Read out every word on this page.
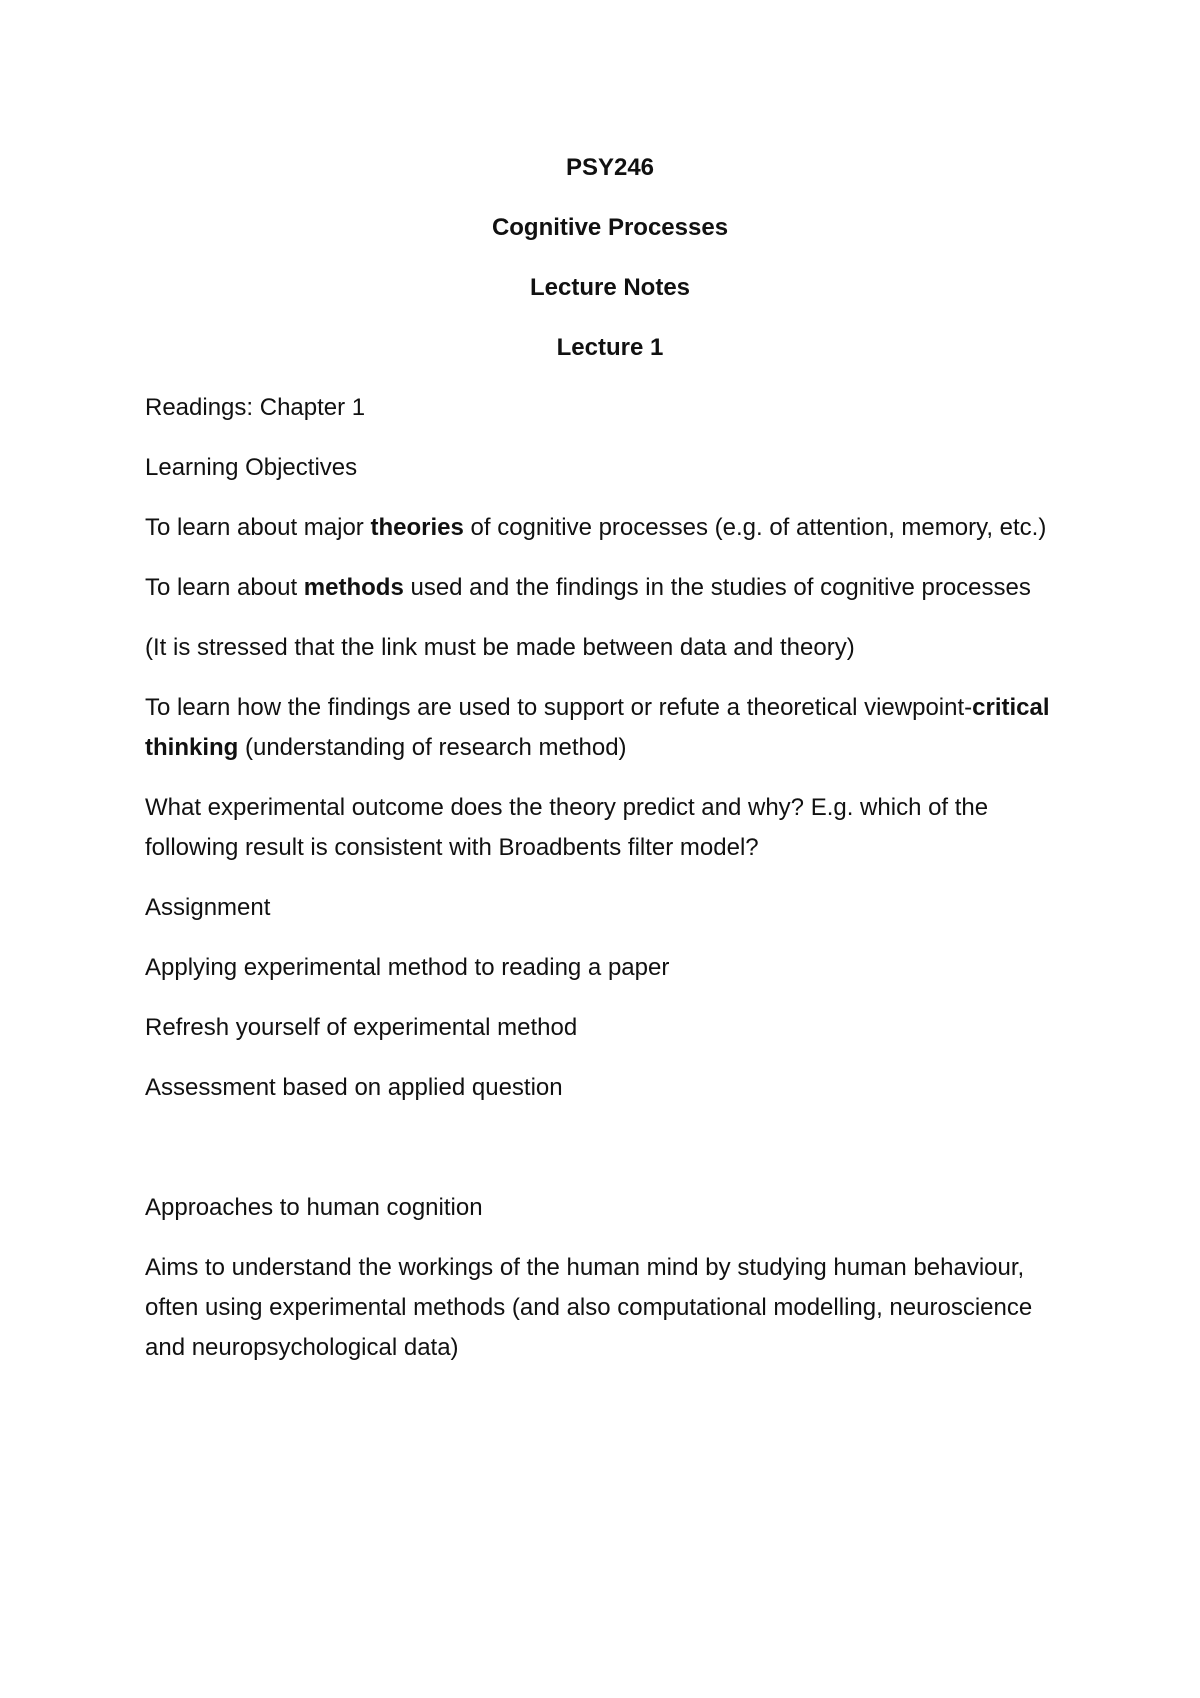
PSY246

Cognitive Processes

Lecture Notes

Lecture 1

Readings: Chapter 1

Learning Objectives

To learn about major theories of cognitive processes (e.g. of attention, memory, etc.)

To learn about methods used and the findings in the studies of cognitive processes

(It is stressed that the link must be made between data and theory)

To learn how the findings are used to support or refute a theoretical viewpoint-critical thinking (understanding of research method)

What experimental outcome does the theory predict and why? E.g. which of the following result is consistent with Broadbents filter model?

Assignment

Applying experimental method to reading a paper

Refresh yourself of experimental method

Assessment based on applied question

Approaches to human cognition

Aims to understand the workings of the human mind by studying human behaviour, often using experimental methods (and also computational modelling, neuroscience and neuropsychological data)
